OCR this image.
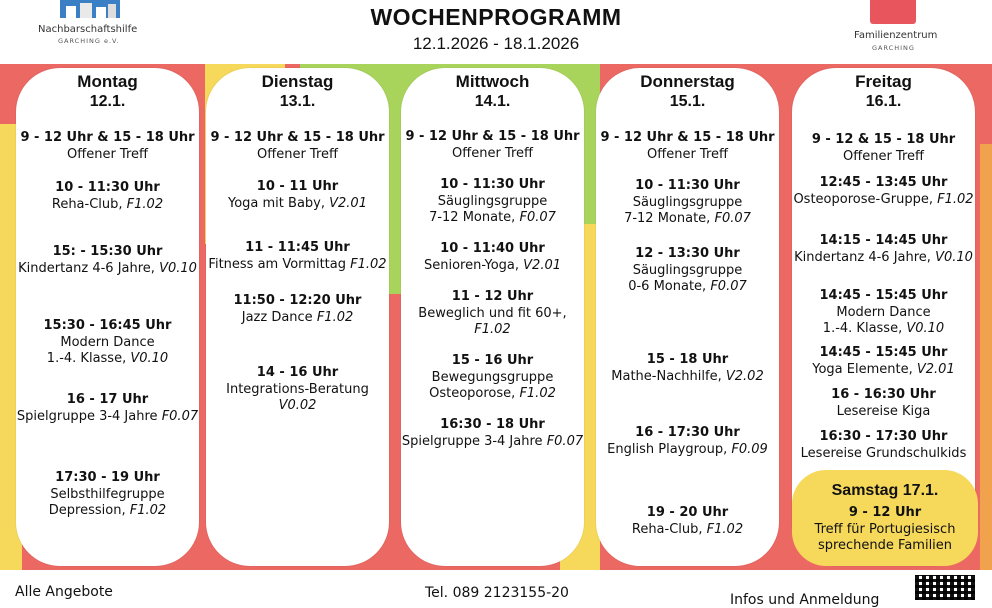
Nachbarschaftshilfe
GARCHING e.V.
WOCHENPROGRAMM
12.1.2026 - 18.1.2026	Familienzentrum
GARCHING
Montag
12.1.
9 - 12 Uhr & 15 - 18 Uhr
Offener Treff
10 - 11:30 Uhr
Reha-Club, F1.02
15: - 15:30 Uhr
Kindertanz 4-6 Jahre, V0.10
15:30 - 16:45 Uhr
Modern Dance
1.-4. Klasse, V0.10
16 - 17 Uhr
Spielgruppe 3-4 Jahre F0.07
17:30 - 19 Uhr
Selbsthilfegruppe
Depression, F1.02
Dienstag
13.1.
9 - 12 Uhr & 15 - 18 Uhr
Offener Treff
10 - 11 Uhr
Yoga mit Baby, V2.01
11 - 11:45 Uhr
Fitness am Vormittag F1.02
11:50 - 12:20 Uhr
Jazz Dance F1.02
14 - 16 Uhr
Integrations-Beratung V0.02
Mittwoch
14.1.
9 - 12 Uhr & 15 - 18 Uhr
Offener Treff
10 - 11:30 Uhr
Säuglingsgruppe
7-12 Monate, F0.07
10 - 11:40 Uhr
Senioren-Yoga, V2.01
11 - 12 Uhr
Beweglich und fit 60+, F1.02
15 - 16 Uhr
Bewegungsgruppe
Osteoporose, F1.02
16:30 - 18 Uhr
Spielgruppe 3-4 Jahre F0.07
Donnerstag
15.1.
9 - 12 Uhr & 15 - 18 Uhr
Offener Treff
10 - 11:30 Uhr
Säuglingsgruppe
7-12 Monate, F0.07
12 - 13:30 Uhr
Säuglingsgruppe
0-6 Monate, F0.07
15 - 18 Uhr
Mathe-Nachhilfe, V2.02
16 - 17:30 Uhr
English Playgroup, F0.09
19 - 20 Uhr
Reha-Club, F1.02
Freitag
16.1.
9 - 12 & 15 - 18 Uhr
Offener Treff
12:45 - 13:45 Uhr
Osteoporose-Gruppe, F1.02
14:15 - 14:45 Uhr
Kindertanz 4-6 Jahre, V0.10
14:45 - 15:45 Uhr
Modern Dance
1.-4. Klasse, V0.10
14:45 - 15:45 Uhr
Yoga Elemente, V2.01
16 - 16:30 Uhr
Lesereise Kiga
16:30 - 17:30 Uhr
Lesereise Grundschulkids
Samstag 17.1.
9 - 12 Uhr
Treff für Portugiesisch
sprechende Familien
Alle Angebote	Tel. 089 2123155-20	Infos und Anmeldung
